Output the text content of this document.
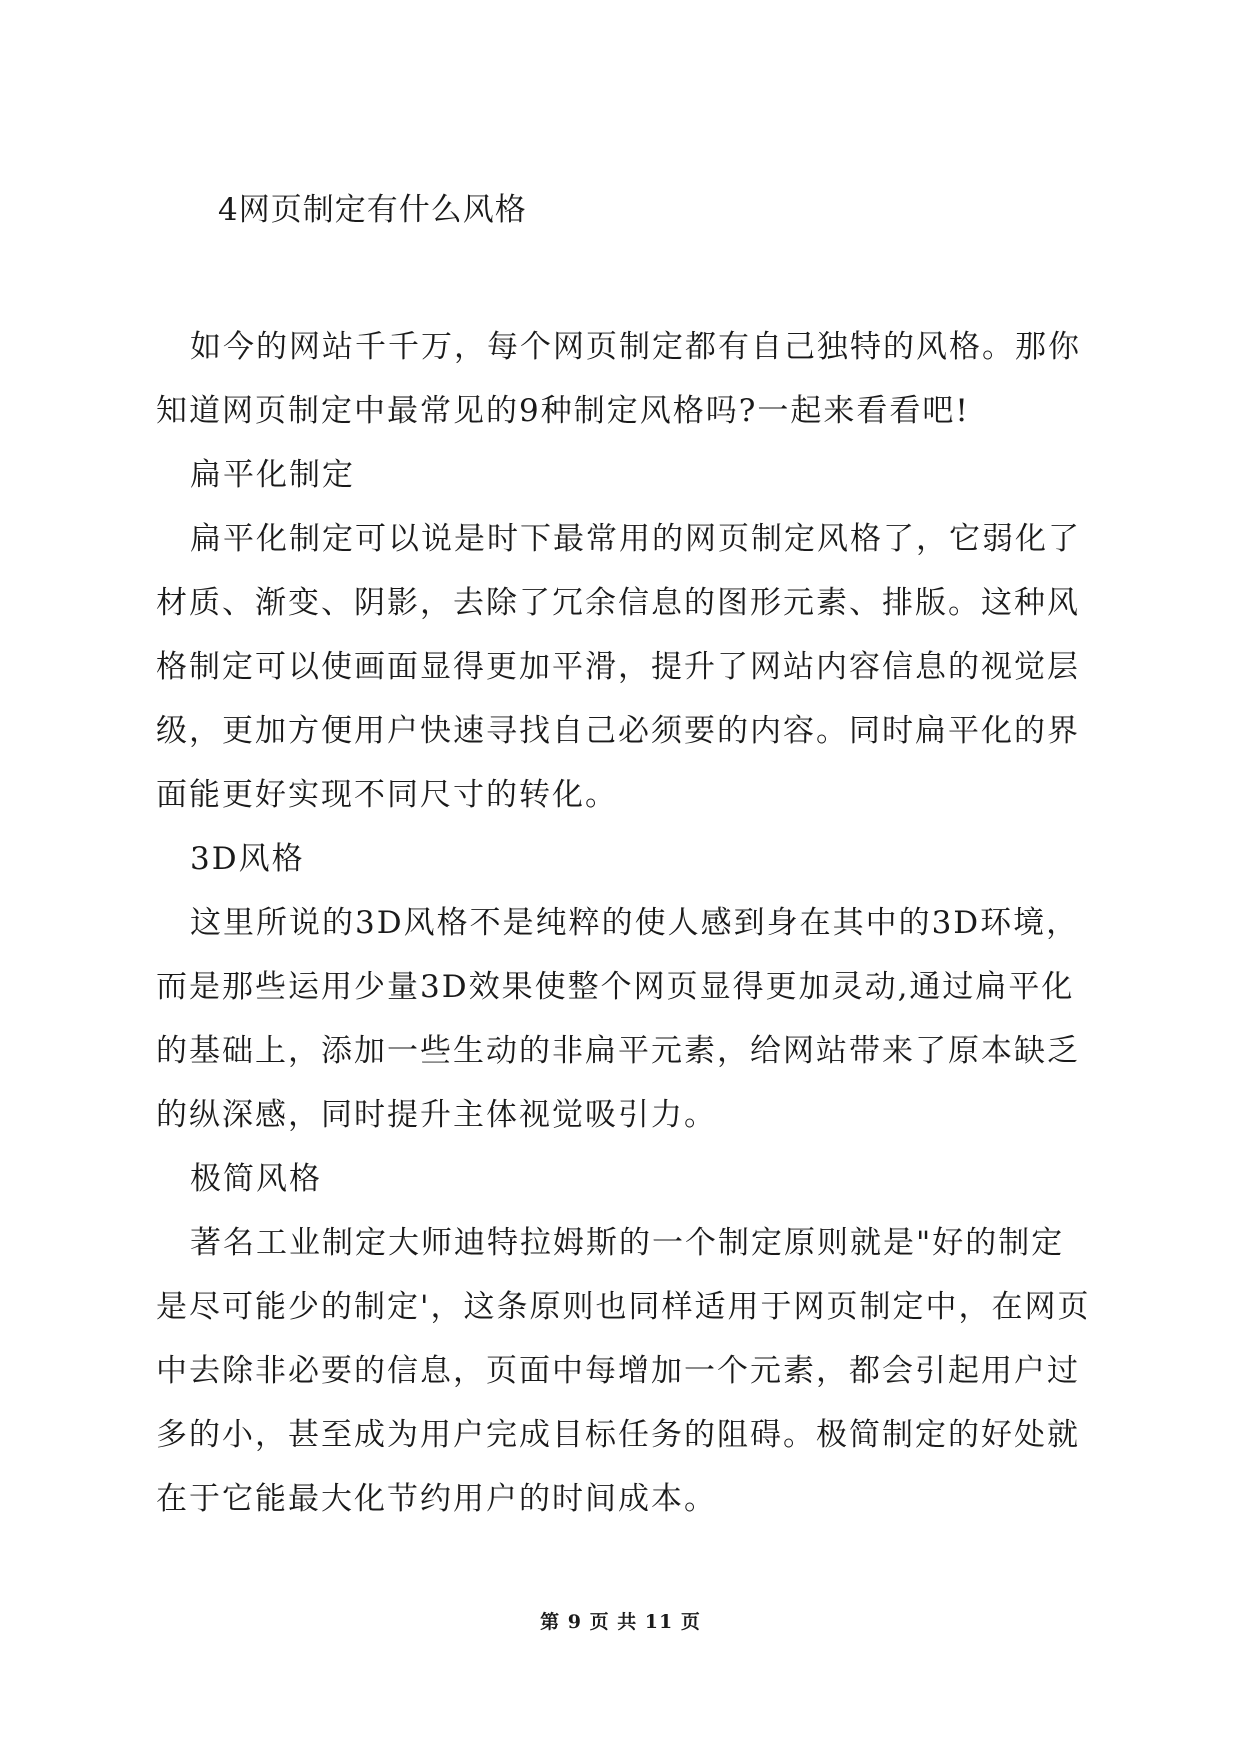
4网页制定有什么风格
如今的网站千千万，每个网页制定都有自己独特的风格。那你
知道网页制定中最常见的9种制定风格吗?一起来看看吧!
扁平化制定
扁平化制定可以说是时下最常用的网页制定风格了，它弱化了
材质、渐变、阴影，去除了冗余信息的图形元素、排版。这种风
格制定可以使画面显得更加平滑，提升了网站内容信息的视觉层
级，更加方便用户快速寻找自己必须要的内容。同时扁平化的界
面能更好实现不同尺寸的转化。
3D风格
这里所说的3D风格不是纯粹的使人感到身在其中的3D环境，
而是那些运用少量3D效果使整个网页显得更加灵动,通过扁平化
的基础上，添加一些生动的非扁平元素，给网站带来了原本缺乏
的纵深感，同时提升主体视觉吸引力。
极简风格
著名工业制定大师迪特拉姆斯的一个制定原则就是"好的制定
是尽可能少的制定'，这条原则也同样适用于网页制定中，在网页
中去除非必要的信息，页面中每增加一个元素，都会引起用户过
多的小，甚至成为用户完成目标任务的阻碍。极简制定的好处就
在于它能最大化节约用户的时间成本。
第 9 页 共 11 页
